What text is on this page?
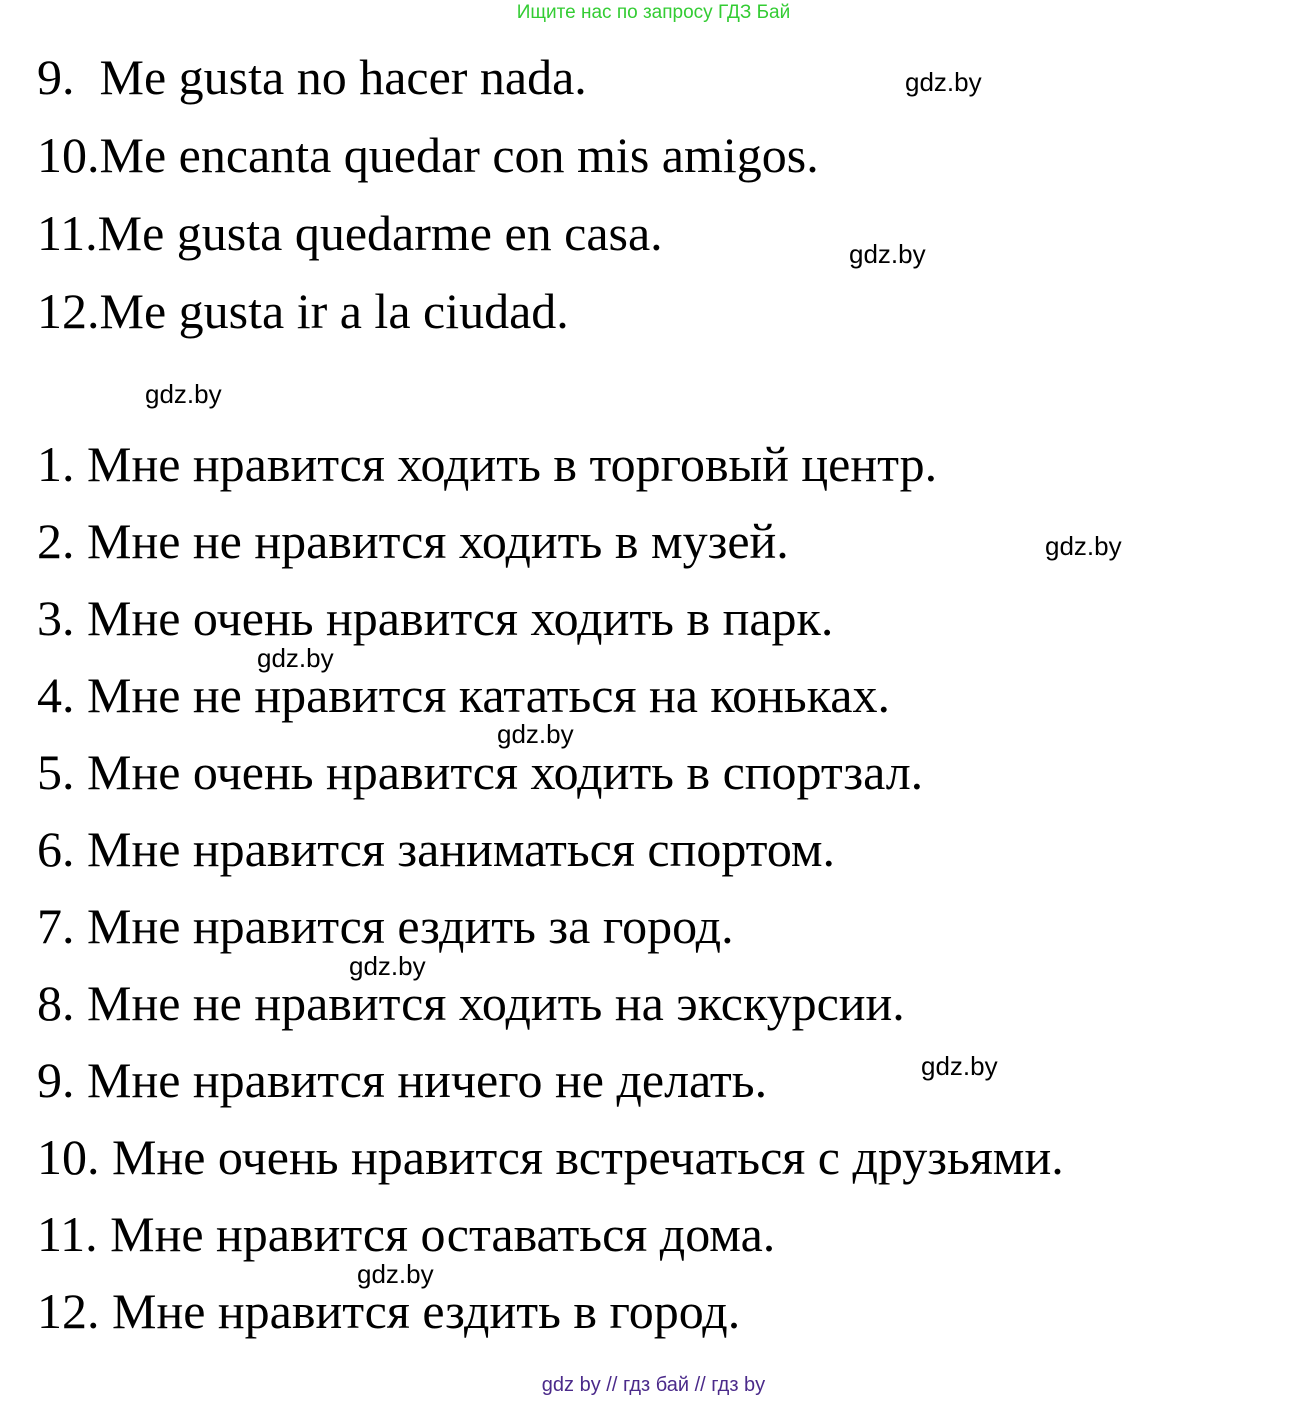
Ищите нас по запросу ГДЗ Бай
9.  Me gusta no hacer nada.
10.Me encanta quedar con mis amigos.
11.Me gusta quedarme en casa.
12.Me gusta ir a la ciudad.
1. Мне нравится ходить в торговый центр.
2. Мне не нравится ходить в музей.
3. Мне очень нравится ходить в парк.
4. Мне не нравится кататься на коньках.
5. Мне очень нравится ходить в спортзал.
6. Мне нравится заниматься спортом.
7. Мне нравится ездить за город.
8. Мне не нравится ходить на экскурсии.
9. Мне нравится ничего не делать.
10. Мне очень нравится встречаться с друзьями.
11. Мне нравится оставаться дома.
12. Мне нравится ездить в город.
gdz.by
gdz.by
gdz.by
gdz.by
gdz.by
gdz.by
gdz.by
gdz.by
gdz.by
gdz by // гдз бай // гдз by
